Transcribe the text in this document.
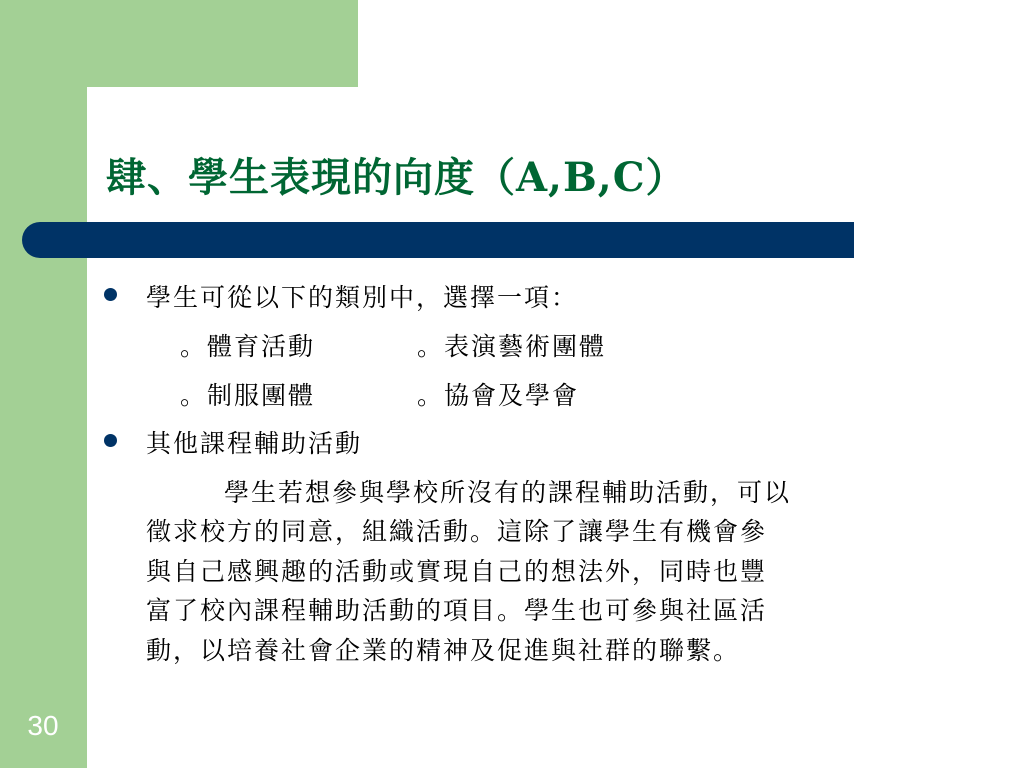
30
肆、學生表現的向度（A,B,C）
學生可從以下的類別中，選擇一項：
。體育活動	。表演藝術團體
。制服團體	。協會及學會
其他課程輔助活動
學生若想參與學校所沒有的課程輔助活動，可以
徵求校方的同意，組織活動。這除了讓學生有機會參
與自己感興趣的活動或實現自己的想法外，同時也豐
富了校內課程輔助活動的項目。學生也可參與社區活
動，以培養社會企業的精神及促進與社群的聯繫。
